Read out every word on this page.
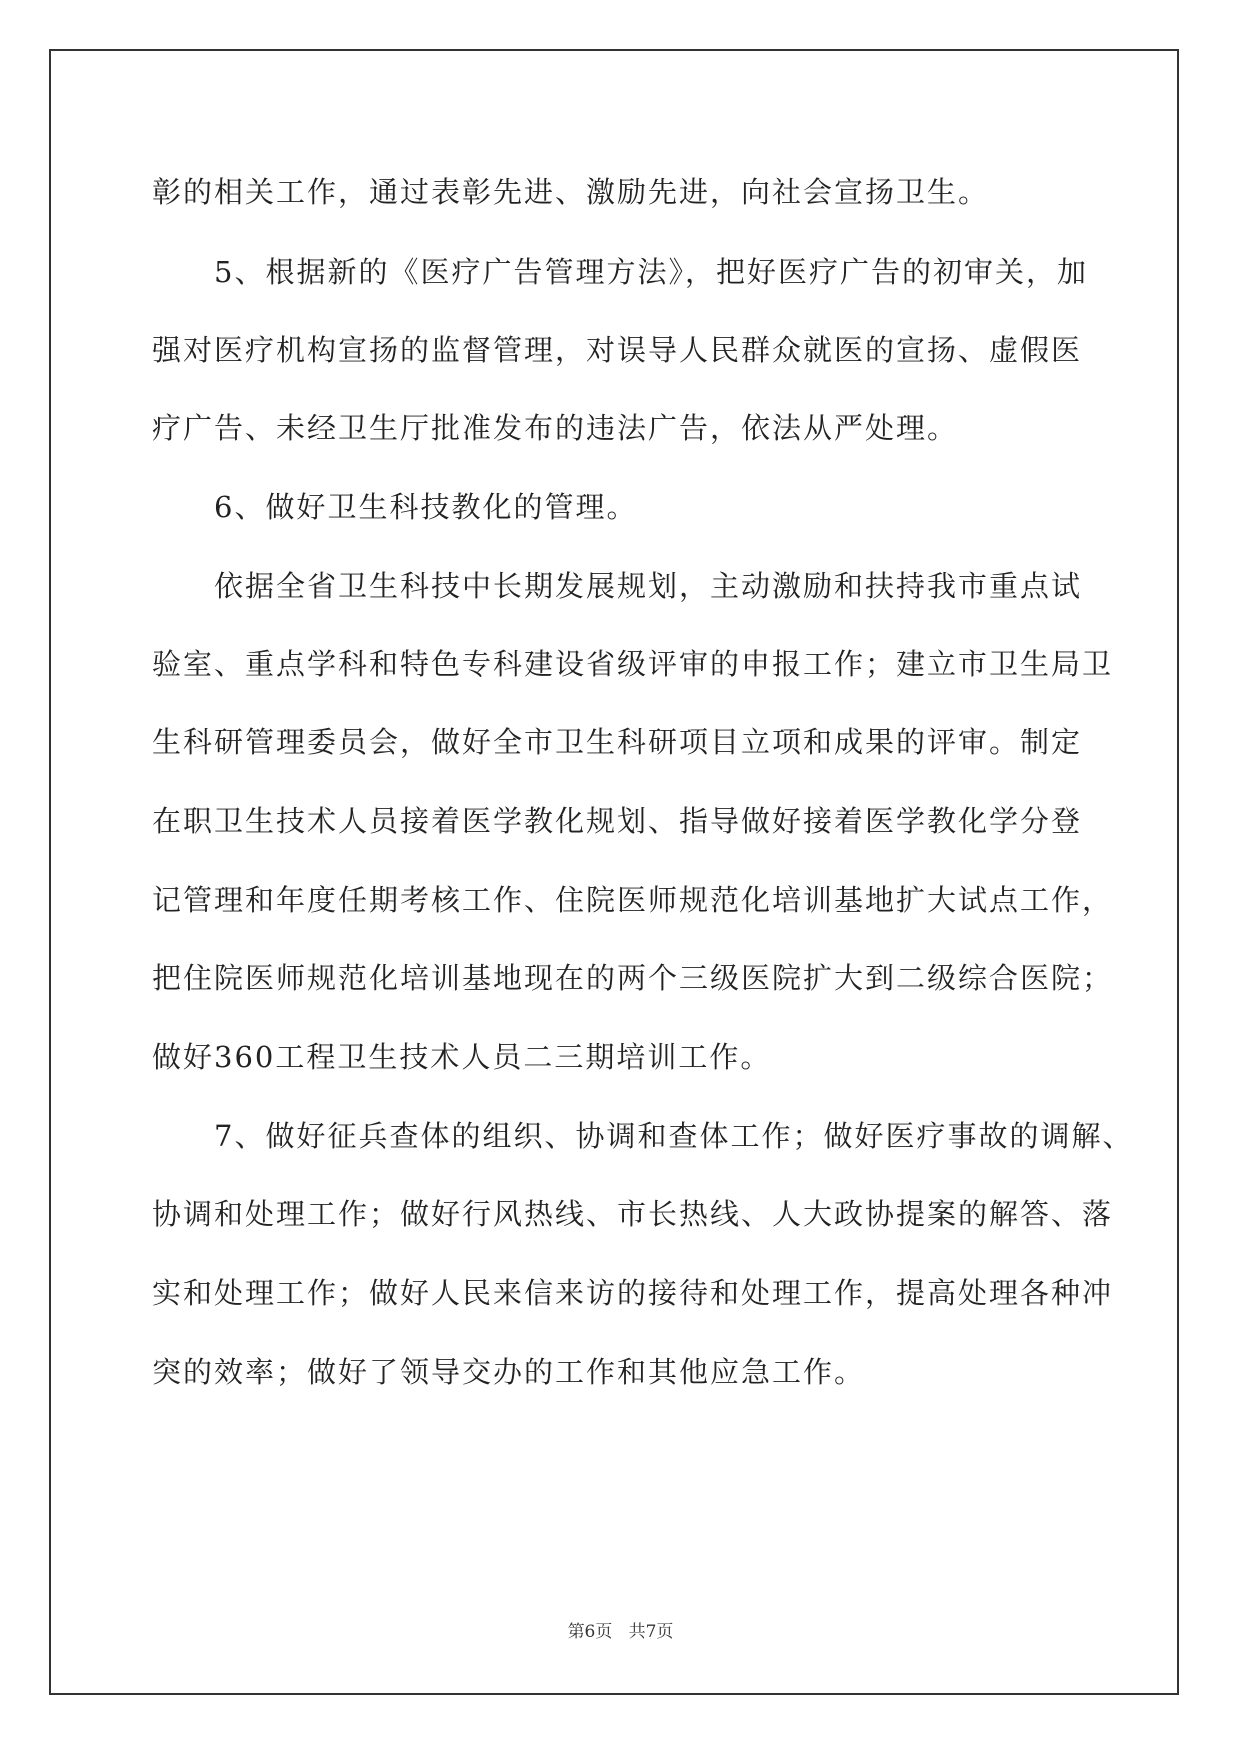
彰的相关工作，通过表彰先进、激励先进，向社会宣扬卫生。
5、根据新的《医疗广告管理方法》，把好医疗广告的初审关，加
强对医疗机构宣扬的监督管理，对误导人民群众就医的宣扬、虚假医
疗广告、未经卫生厅批准发布的违法广告，依法从严处理。
6、做好卫生科技教化的管理。
依据全省卫生科技中长期发展规划，主动激励和扶持我市重点试
验室、重点学科和特色专科建设省级评审的申报工作；建立市卫生局卫
生科研管理委员会，做好全市卫生科研项目立项和成果的评审。制定
在职卫生技术人员接着医学教化规划、指导做好接着医学教化学分登
记管理和年度任期考核工作、住院医师规范化培训基地扩大试点工作，
把住院医师规范化培训基地现在的两个三级医院扩大到二级综合医院；
做好360工程卫生技术人员二三期培训工作。
7、做好征兵查体的组织、协调和查体工作；做好医疗事故的调解、
协调和处理工作；做好行风热线、市长热线、人大政协提案的解答、落
实和处理工作；做好人民来信来访的接待和处理工作，提高处理各种冲
突的效率；做好了领导交办的工作和其他应急工作。
第6页 共7页
